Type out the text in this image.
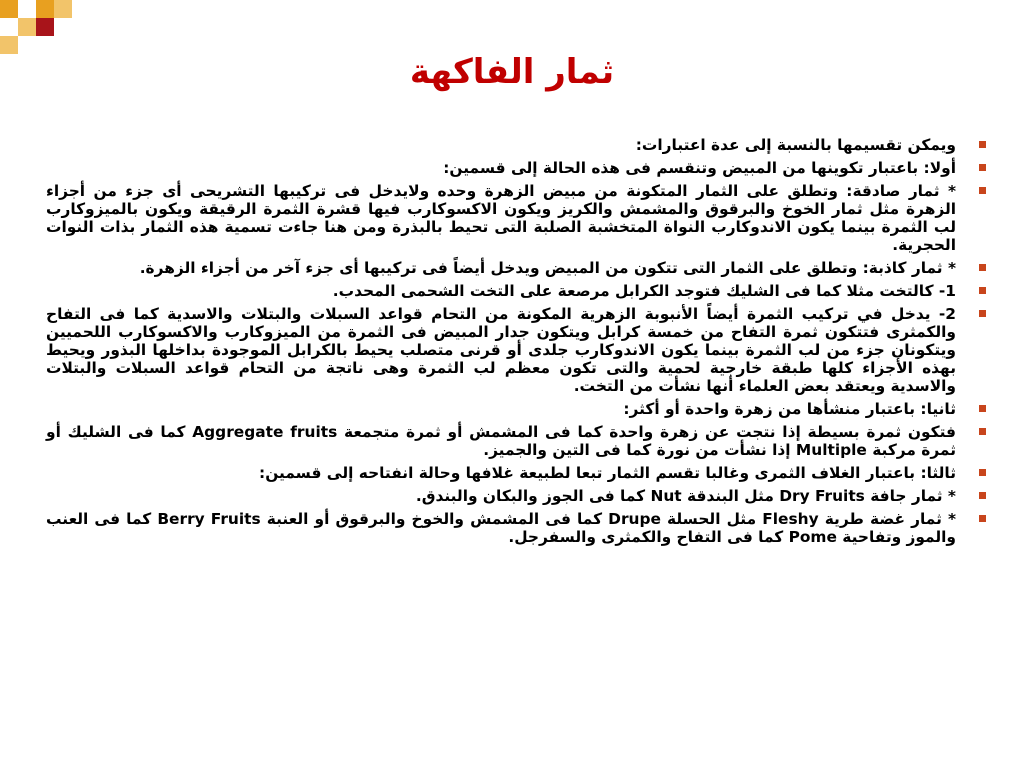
ثمار الفاكهة
ويمكن تقسيمها بالنسبة إلى عدة اعتبارات:
أولا: باعتبار تكوينها من المبيض وتنقسم فى هذه الحالة إلى قسمين:
* ثمار صادقة: وتطلق على الثمار المتكونة من مبيض الزهرة وحده ولايدخل فى تركيبها التشريحى أى جزء من أجزاء الزهرة مثل ثمار الخوخ والبرقوق والمشمش والكريز ويكون الاكسوكارب فيها قشرة الثمرة الرقيقة ويكون بالميزوكارب لب الثمرة بينما يكون الاندوكارب النواة المتخشبة الصلبة التى تحيط بالبذرة ومن هنا جاءت تسمية هذه الثمار بذات النوات الحجرية.
* ثمار كاذبة: وتطلق على الثمار التى تتكون من المبيض ويدخل أيضاً فى تركيبها أى جزء آخر من أجزاء الزهرة.
1- كالتخت مثلا كما فى الشليك فتوجد الكرابل مرصعة على التخت الشحمى المحدب.
2- يدخل في تركيب الثمرة أيضاً الأنبوبة الزهرية المكونة من التحام قواعد السبلات والبتلات والاسدية كما فى التفاح والكمثرى فتتكون ثمرة التفاح من خمسة كرابل ويتكون جدار المبيض فى الثمرة من الميزوكارب والاكسوكارب اللحميين ويتكونان جزء من لب الثمرة بينما يكون الاندوكارب جلدى أو قرنى متصلب يحيط بالكرابل الموجودة بداخلها البذور ويحيط بهذه الأجزاء كلها طبقة خارجية لحمية والتى تكون معظم لب الثمرة وهى ناتجة من التحام قواعد السبلات والبتلات والاسدية ويعتقد بعض العلماء أنها نشأت من التخت.
ثانيا: باعتبار منشأها من زهرة واحدة أو أكثر:
فتكون ثمرة بسيطة إذا نتجت عن زهرة واحدة كما فى المشمش أو ثمرة متجمعة Aggregate fruits كما فى الشليك أو ثمرة مركبة Multiple إذا نشأت من نورة كما فى التين والجميز.
ثالثا: باعتبار الغلاف الثمرى وغالبا تقسم الثمار تبعا لطبيعة غلافها وحالة انفتاحه إلى قسمين:
* ثمار جافة Dry Fruits مثل البندقة Nut كما فى الجوز والبكان والبندق.
* ثمار غضة طرية Fleshy مثل الحسلة Drupe كما فى المشمش والخوخ والبرقوق أو العنبة Berry Fruits كما فى العنب والموز وتفاحية Pome كما فى التفاح والكمثرى والسفرجل.
